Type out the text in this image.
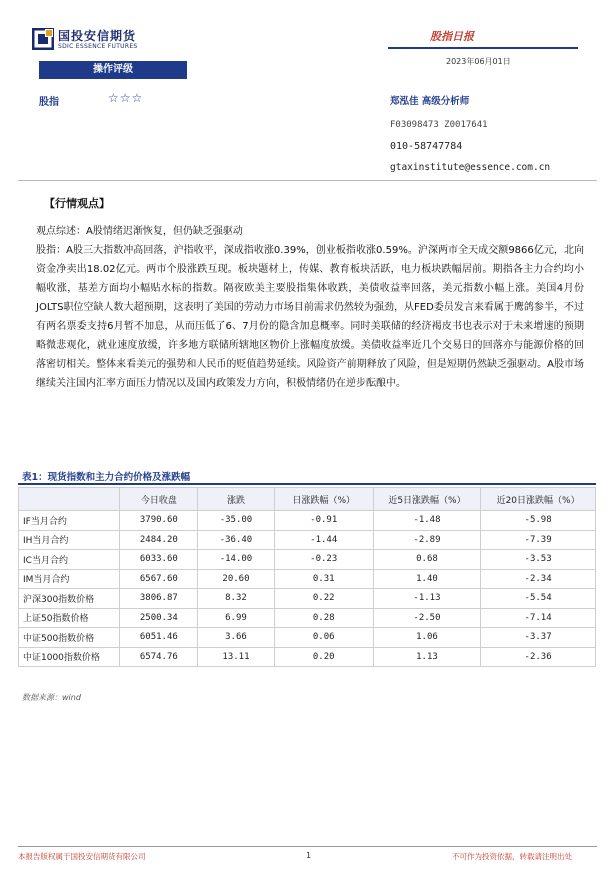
国投安信期货
SDIC ESSENCE FUTURES
股指日报
2023年06月01日
操作评级
股指	☆☆☆	郑泓佳 高级分析师
F03098473 Z0017641
010-58747784
gtaxinstitute@essence.com.cn
【行情观点】

观点综述：A股情绪迟渐恢复，但仍缺乏强驱动

股指：A股三大指数冲高回落，沪指收平，深成指收涨0.39%，创业板指收涨0.59%。沪深两市全天成交额9866亿元，北向资金净卖出18.02亿元。两市个股涨跌互现。板块题材上，传媒、教育板块活跃，电力板块跌幅居前。期指各主力合约均小幅收涨，基差方面均小幅贴水标的指数。隔夜欧美主要股指集体收跌，美债收益率回落，美元指数小幅上涨。美国4月份JOLTS职位空缺人数大超预期，这表明了美国的劳动力市场目前需求仍然较为强劲，从FED委员发言来看属于鹰鸽参半，不过有两名票委支持6月暂不加息，从而压低了6、7月份的隐含加息概率。同时美联储的经济褐皮书也表示对于未来增速的预期略微悲观化，就业速度放缓，许多地方联储所辖地区物价上涨幅度放缓。美债收益率近几个交易日的回落亦与能源价格的回落密切相关。整体来看美元的强势和人民币的贬值趋势延续。风险资产前期释放了风险，但是短期仍然缺乏强驱动。A股市场继续关注国内汇率方面压力情况以及国内政策发力方向，积极情绪仍在逆步酝酿中。

表1：现货指数和主力合约价格及涨跌幅
	今日收盘	涨跌	日涨跌幅（%）	近5日涨跌幅（%）	近20日涨跌幅（%）
IF当月合约	3790.60	-35.00	-0.91	-1.48	-5.98
IH当月合约	2484.20	-36.40	-1.44	-2.89	-7.39
IC当月合约	6033.60	-14.00	-0.23	0.68	-3.53
IM当月合约	6567.60	20.60	0.31	1.40	-2.34
沪深300指数价格	3806.87	8.32	0.22	-1.13	-5.54
上证50指数价格	2500.34	6.99	0.28	-2.50	-7.14
中证500指数价格	6051.46	3.66	0.06	1.06	-3.37
中证1000指数价格	6574.76	13.11	0.20	1.13	-2.36
数据来源：wind
本报告版权属于国投安信期货有限公司	1	不可作为投资依据，转载请注明出处
